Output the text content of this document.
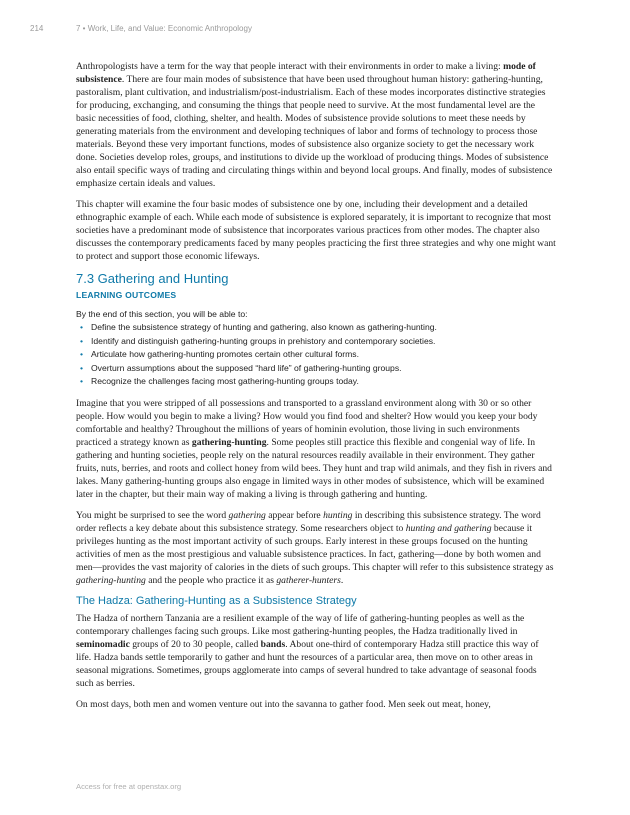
214	7 • Work, Life, and Value: Economic Anthropology

Anthropologists have a term for the way that people interact with their environments in order to make a living: mode of subsistence. There are four main modes of subsistence that have been used throughout human history: gathering-hunting, pastoralism, plant cultivation, and industrialism/post-industrialism. Each of these modes incorporates distinctive strategies for producing, exchanging, and consuming the things that people need to survive. At the most fundamental level are the basic necessities of food, clothing, shelter, and health. Modes of subsistence provide solutions to meet these needs by generating materials from the environment and developing techniques of labor and forms of technology to process those materials. Beyond these very important functions, modes of subsistence also organize society to get the necessary work done. Societies develop roles, groups, and institutions to divide up the workload of producing things. Modes of subsistence also entail specific ways of trading and circulating things within and beyond local groups. And finally, modes of subsistence emphasize certain ideals and values.

This chapter will examine the four basic modes of subsistence one by one, including their development and a detailed ethnographic example of each. While each mode of subsistence is explored separately, it is important to recognize that most societies have a predominant mode of subsistence that incorporates various practices from other modes. The chapter also discusses the contemporary predicaments faced by many peoples practicing the first three strategies and why one might want to protect and support those economic lifeways.

7.3 Gathering and Hunting
LEARNING OUTCOMES

By the end of this section, you will be able to:

• Define the subsistence strategy of hunting and gathering, also known as gathering-hunting.
• Identify and distinguish gathering-hunting groups in prehistory and contemporary societies.
• Articulate how gathering-hunting promotes certain other cultural forms.
• Overturn assumptions about the supposed “hard life” of gathering-hunting groups.
• Recognize the challenges facing most gathering-hunting groups today.

Imagine that you were stripped of all possessions and transported to a grassland environment along with 30 or so other people. How would you begin to make a living? How would you find food and shelter? How would you keep your body comfortable and healthy? Throughout the millions of years of hominin evolution, those living in such environments practiced a strategy known as gathering-hunting. Some peoples still practice this flexible and congenial way of life. In gathering and hunting societies, people rely on the natural resources readily available in their environment. They gather fruits, nuts, berries, and roots and collect honey from wild bees. They hunt and trap wild animals, and they fish in rivers and lakes. Many gathering-hunting groups also engage in limited ways in other modes of subsistence, which will be examined later in the chapter, but their main way of making a living is through gathering and hunting.

You might be surprised to see the word gathering appear before hunting in describing this subsistence strategy. The word order reflects a key debate about this subsistence strategy. Some researchers object to hunting and gathering because it privileges hunting as the most important activity of such groups. Early interest in these groups focused on the hunting activities of men as the most prestigious and valuable subsistence practices. In fact, gathering—done by both women and men—provides the vast majority of calories in the diets of such groups. This chapter will refer to this subsistence strategy as gathering-hunting and the people who practice it as gatherer-hunters.

The Hadza: Gathering-Hunting as a Subsistence Strategy

The Hadza of northern Tanzania are a resilient example of the way of life of gathering-hunting peoples as well as the contemporary challenges facing such groups. Like most gathering-hunting peoples, the Hadza traditionally lived in seminomadic groups of 20 to 30 people, called bands. About one-third of contemporary Hadza still practice this way of life. Hadza bands settle temporarily to gather and hunt the resources of a particular area, then move on to other areas in seasonal migrations. Sometimes, groups agglomerate into camps of several hundred to take advantage of seasonal foods such as berries.

On most days, both men and women venture out into the savanna to gather food. Men seek out meat, honey,

Access for free at openstax.org
